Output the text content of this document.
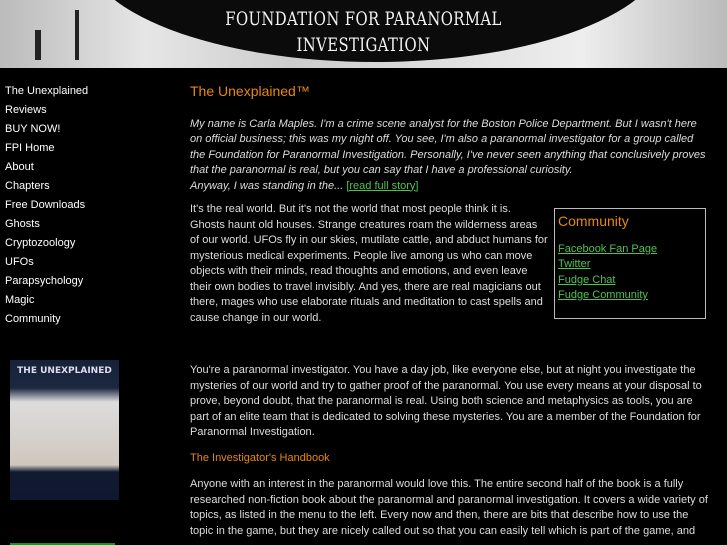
FOUNDATION FOR PARANORMAL
INVESTIGATION
The Unexplained
Reviews
BUY NOW!
FPI Home
About
Chapters
Free Downloads
Ghosts
Cryptozoology
UFOs
Parapsychology
Magic
Community
THE UNEXPLAINED
The Unexplained™

My name is Carla Maples. I'm a crime scene analyst for the Boston Police Department. But I wasn't here on official business; this was my night off. You see, I'm also a paranormal investigator for a group called the Foundation for Paranormal Investigation. Personally, I've never seen anything that conclusively proves that the paranormal is real, but you can say that I have a professional curiosity.
Anyway, I was standing in the... [read full story]

It's the real world. But it's not the world that most people think it is. Ghosts haunt old houses. Strange creatures roam the wilderness areas of our world. UFOs fly in our skies, mutilate cattle, and abduct humans for mysterious medical experiments. People live among us who can move objects with their minds, read thoughts and emotions, and even leave their own bodies to travel invisibly. And yes, there are real magicians out there, mages who use elaborate rituals and meditation to cast spells and cause change in our world.

You're a paranormal investigator. You have a day job, like everyone else, but at night you investigate the mysteries of our world and try to gather proof of the paranormal. You use every means at your disposal to prove, beyond doubt, that the paranormal is real. Using both science and metaphysics as tools, you are part of an elite team that is dedicated to solving these mysteries. You are a member of the Foundation for Paranormal Investigation.

The Investigator's Handbook

Anyone with an interest in the paranormal would love this. The entire second half of the book is a fully researched non-fiction book about the paranormal and paranormal investigation. It covers a wide variety of topics, as listed in the menu to the left. Every now and then, there are bits that describe how to use the topic in the game, but they are nicely called out so that you can easily tell which is part of the game, and

Community
Facebook Fan Page
Twitter
Fudge Chat
Fudge Community
